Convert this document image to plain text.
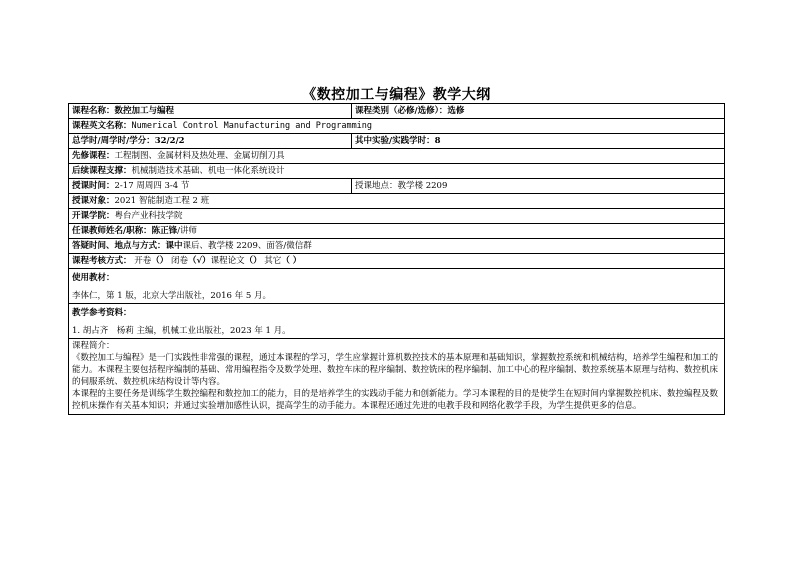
《数控加工与编程》教学大纲
课程名称：数控加工与编程	课程类别（必修/选修）：选修
课程英文名称：Numerical Control Manufacturing and Programming	
总学时/周学时/学分：32/2/2	其中实验/实践学时：8
先修课程：工程制图、金属材料及热处理、金属切削刀具	
后续课程支撑：机械制造技术基础、机电一体化系统设计	
授课时间：2-17 周周四 3-4 节	授课地点：教学楼 2209
授课对象：2021 智能制造工程 2 班	
开课学院：粤台产业科技学院	
任课教师姓名/职称：陈正锋/讲师	
答疑时间、地点与方式：课中课后、教学楼 2209、面答/微信群	
课程考核方式： 开卷（） 闭卷（√）课程论文（） 其它（ ）	

使用教材：
李体仁，第 1 版，北京大学出版社，2016 年 5 月。	

教学参考资料：
1. 胡占齐　杨莉 主编，机械工业出版社，2023 年 1 月。	

课程简介：
《数控加工与编程》是一门实践性非常强的课程，通过本课程的学习，学生应掌握计算机数控技术的基本原理和基础知识，掌握数控系统和机械结构，培养学生编程和加工的能力。本课程主要包括程序编制的基础、常用编程指令及数学处理、数控车床的程序编制、数控铣床的程序编制、加工中心的程序编制、数控系统基本原理与结构、数控机床的伺服系统、数控机床结构设计等内容。
本课程的主要任务是训练学生数控编程和数控加工的能力，目的是培养学生的实践动手能力和创新能力。学习本课程的目的是使学生在短时间内掌握数控机床、数控编程及数控机床操作有关基本知识；并通过实验增加感性认识，提高学生的动手能力。本课程还通过先进的电教手段和网络化教学手段，为学生提供更多的信息。	
